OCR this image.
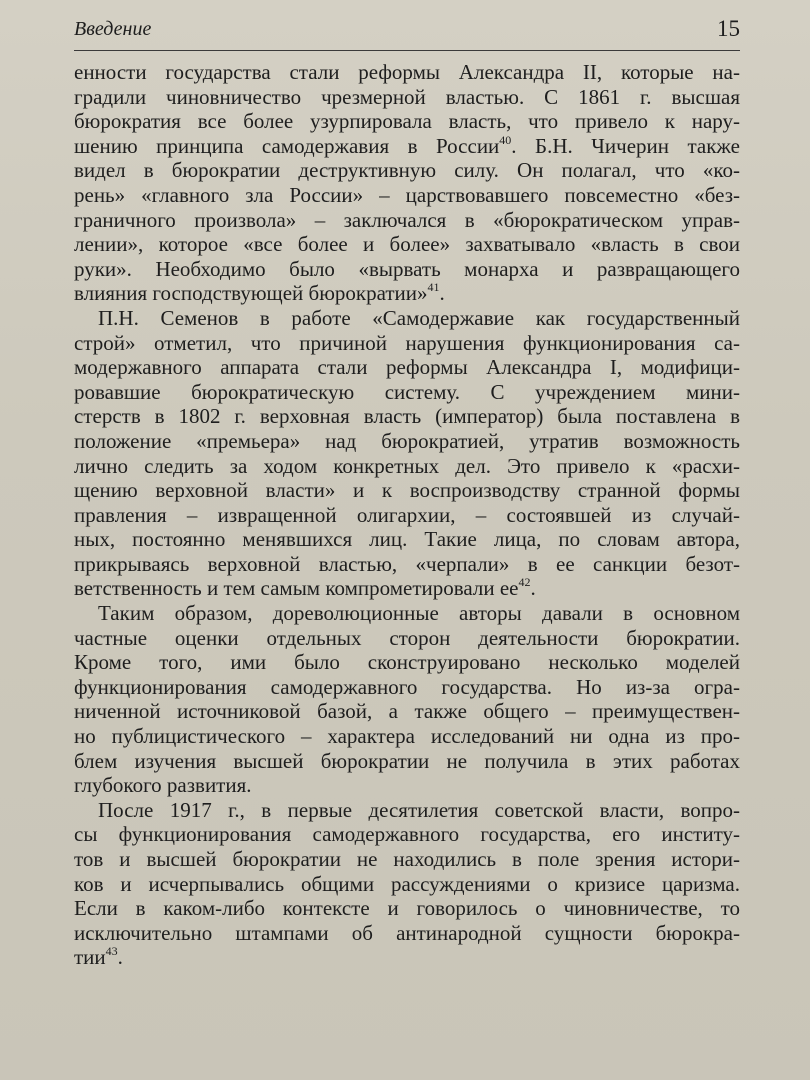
Введение	15
енности государства стали реформы Александра II, которые на-
градили чиновничество чрезмерной властью. С 1861 г. высшая
бюрократия все более узурпировала власть, что привело к нару-
шению принципа самодержавия в России$^{40}$. Б.Н. Чичерин также
видел в бюрократии деструктивную силу. Он полагал, что «ко-
рень» «главного зла России» – царствовавшего повсеместно «без-
граничного произвола» – заключался в «бюрократическом управ-
лении», которое «все более и более» захватывало «власть в свои
руки». Необходимо было «вырвать монарха и развращающего
влияния господствующей бюрократии»$^{41}$.
П.Н. Семенов в работе «Самодержавие как государственный
строй» отметил, что причиной нарушения функционирования са-
модержавного аппарата стали реформы Александра I, модифици-
ровавшие бюрократическую систему. С учреждением мини-
стерств в 1802 г. верховная власть (император) была поставлена в
положение «премьера» над бюрократией, утратив возможность
лично следить за ходом конкретных дел. Это привело к «расхи-
щению верховной власти» и к воспроизводству странной формы
правления – извращенной олигархии, – состоявшей из случай-
ных, постоянно менявшихся лиц. Такие лица, по словам автора,
прикрываясь верховной властью, «черпали» в ее санкции безот-
ветственность и тем самым компрометировали ее$^{42}$.
Таким образом, дореволюционные авторы давали в основном
частные оценки отдельных сторон деятельности бюрократии.
Кроме того, ими было сконструировано несколько моделей
функционирования самодержавного государства. Но из-за огра-
ниченной источниковой базой, а также общего – преимуществен-
но публицистического – характера исследований ни одна из про-
блем изучения высшей бюрократии не получила в этих работах
глубокого развития.
После 1917 г., в первые десятилетия советской власти, вопро-
сы функционирования самодержавного государства, его институ-
тов и высшей бюрократии не находились в поле зрения истори-
ков и исчерпывались общими рассуждениями о кризисе царизма.
Если в каком-либо контексте и говорилось о чиновничестве, то
исключительно штампами об антинародной сущности бюрокра-
тии$^{43}$.
